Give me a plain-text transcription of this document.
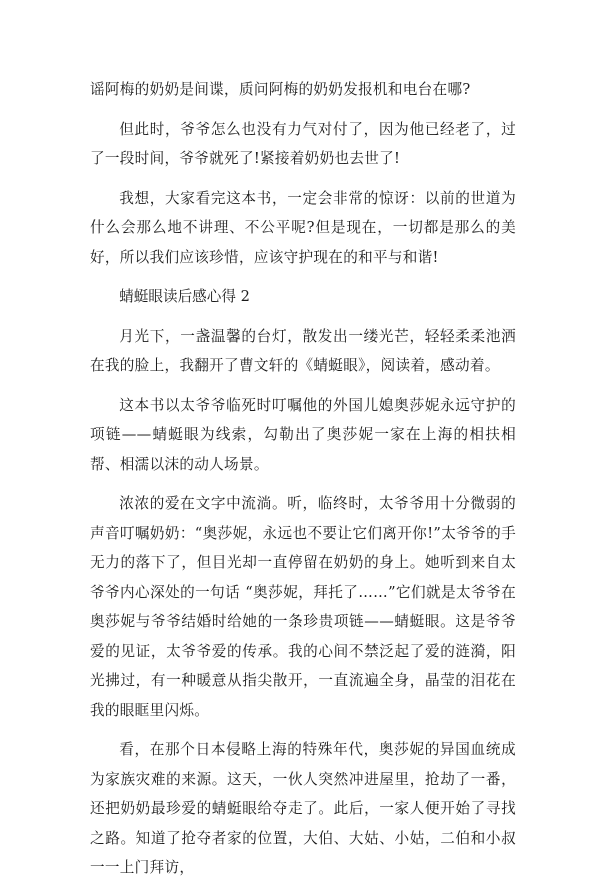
谣阿梅的奶奶是间谍，质问阿梅的奶奶发报机和电台在哪?

但此时，爷爷怎么也没有力气对付了，因为他已经老了，过了一段时间，爷爷就死了!紧接着奶奶也去世了!

我想，大家看完这本书，一定会非常的惊讶：以前的世道为什么会那么地不讲理、不公平呢?但是现在，一切都是那么的美好，所以我们应该珍惜，应该守护现在的和平与和谐!

蜻蜓眼读后感心得 2

月光下，一盏温馨的台灯，散发出一缕光芒，轻轻柔柔池洒在我的脸上，我翻开了曹文轩的《蜻蜓眼》，阅读着，感动着。

这本书以太爷爷临死时叮嘱他的外国儿媳奥莎妮永远守护的项链——蜻蜓眼为线索，勾勒出了奥莎妮一家在上海的相扶相帮、相濡以沫的动人场景。

浓浓的爱在文字中流淌。听，临终时，太爷爷用十分微弱的声音叮嘱奶奶：“奥莎妮，永远也不要让它们离开你!”太爷爷的手无力的落下了，但目光却一直停留在奶奶的身上。她听到来自太爷爷内心深处的一句话 “奥莎妮，拜托了……”它们就是太爷爷在奥莎妮与爷爷结婚时给她的一条珍贵项链——蜻蜓眼。这是爷爷爱的见证，太爷爷爱的传承。我的心间不禁泛起了爱的涟漪，阳光拂过，有一种暖意从指尖散开，一直流遍全身，晶莹的泪花在我的眼眶里闪烁。

看，在那个日本侵略上海的特殊年代，奥莎妮的异国血统成为家族灾难的来源。这天，一伙人突然冲进屋里，抢劫了一番，还把奶奶最珍爱的蜻蜓眼给夺走了。此后，一家人便开始了寻找之路。知道了抢夺者家的位置，大伯、大姑、小姑，二伯和小叔一一上门拜访，
